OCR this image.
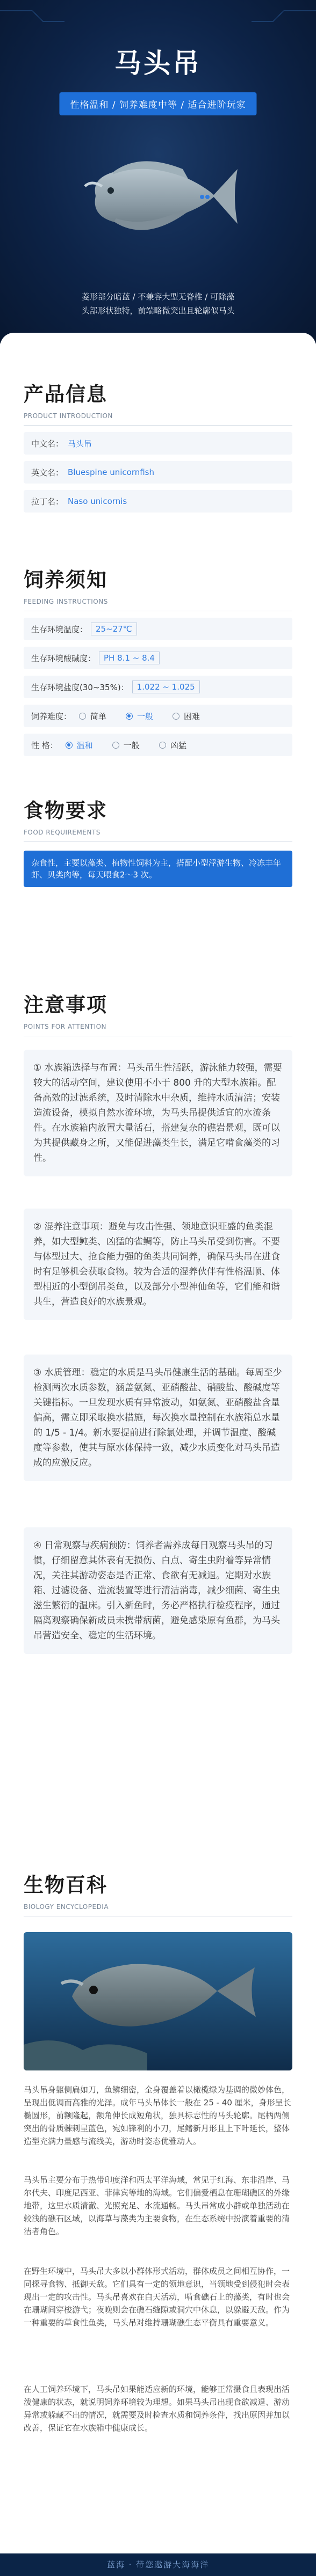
马头吊
性格温和 / 饲养难度中等 / 适合进阶玩家
菱形部分暗蓝 / 不兼容大型无脊椎 / 可除藻
头部形状独特，前端略微突出且轮廓似马头
产品信息
PRODUCT INTRODUCTION
中文名： 马头吊
英文名： Bluespine unicornfish
拉丁名： Naso unicornis
饲养须知
FEEDING INSTRUCTIONS
生存环境温度：	25~27℃
生存环境酸碱度：	PH 8.1 ~ 8.4
生存环境盐度(30~35%)：	1.022 ~ 1.025
饲养难度： 简单	一般	困难
性 格： 温和	一般	凶猛
食物要求
FOOD REQUIREMENTS
杂食性，主要以藻类、植物性饲料为主，搭配小型浮游生物、冷冻丰年虾、贝类肉等，每天喂食2～3 次。
注意事项
POINTS FOR ATTENTION
① 水族箱选择与布置：马头吊生性活跃，游泳能力较强，需要较大的活动空间，建议使用不小于 800 升的大型水族箱。配备高效的过滤系统，及时清除水中杂质，维持水质清洁；安装造流设备，模拟自然水流环境，为马头吊提供适宜的水流条件。在水族箱内放置大量活石，搭建复杂的礁岩景观，既可以为其提供藏身之所，又能促进藻类生长，满足它啃食藻类的习性。
② 混养注意事项：避免与攻击性强、领地意识旺盛的鱼类混养，如大型鲀类、凶猛的雀鲷等，防止马头吊受到伤害。不要与体型过大、抢食能力强的鱼类共同饲养，确保马头吊在进食时有足够机会获取食物。较为合适的混养伙伴有性格温顺、体型相近的小型倒吊类鱼，以及部分小型神仙鱼等，它们能和谐共生，营造良好的水族景观。
③ 水质管理：稳定的水质是马头吊健康生活的基础。每周至少检测两次水质参数，涵盖氨氮、亚硝酸盐、硝酸盐、酸碱度等关键指标。一旦发现水质有异常波动，如氨氮、亚硝酸盐含量偏高，需立即采取换水措施，每次换水量控制在水族箱总水量的 1/5 - 1/4。新水要提前进行除氯处理，并调节温度、酸碱度等参数，使其与原水体保持一致，减少水质变化对马头吊造成的应激反应。
④ 日常观察与疾病预防：饲养者需养成每日观察马头吊的习惯，仔细留意其体表有无损伤、白点、寄生虫附着等异常情况，关注其游动姿态是否正常、食欲有无减退。定期对水族箱、过滤设备、造流装置等进行清洁消毒，减少细菌、寄生虫滋生繁衍的温床。引入新鱼时，务必严格执行检疫程序，通过隔离观察确保新成员未携带病菌，避免感染原有鱼群，为马头吊营造安全、稳定的生活环境。
生物百科
BIOLOGY ENCYCLOPEDIA
马头吊身躯侧扁如刀，鱼鳞细密，全身覆盖着以橄榄绿为基调的微妙体色，呈现出低调而高雅的光泽。成年马头吊体长一般在 25 - 40 厘米，身形呈长椭圆形，前额隆起，额角伸长成短角状，独具标志性的马头轮廓。尾柄两侧突出的骨质棘刺呈蓝色，宛如锋利的小刀，尾鳍新月形且上下叶延长，整体造型充满力量感与流线美，游动时姿态优雅动人。
马头吊主要分布于热带印度洋和西太平洋海域，常见于红海、东非沿岸、马尔代夫、印度尼西亚、菲律宾等地的海域。它们偏爱栖息在珊瑚礁区的外缘地带，这里水质清澈、光照充足、水流通畅。马头吊常成小群或单独活动在较浅的礁石区域，以海草与藻类为主要食物，在生态系统中扮演着重要的清洁者角色。
在野生环境中，马头吊大多以小群体形式活动，群体成员之间相互协作，一同探寻食物、抵御天敌。它们具有一定的领地意识，当领地受到侵犯时会表现出一定的攻击性。马头吊喜欢在白天活动，啃食礁石上的藻类，有时也会在珊瑚间穿梭游弋；夜晚则会在礁石缝隙或洞穴中休息，以躲避天敌。作为一种重要的草食性鱼类，马头吊对维持珊瑚礁生态平衡具有重要意义。
在人工饲养环境下，马头吊如果能适应新的环境，能够正常摄食且表现出活泼健康的状态，就说明饲养环境较为理想。如果马头吊出现食欲减退、游动异常或躲藏不出的情况，就需要及时检查水质和饲养条件，找出原因并加以改善，保证它在水族箱中健康成长。
蓝海 · 带您遨游大海海洋
